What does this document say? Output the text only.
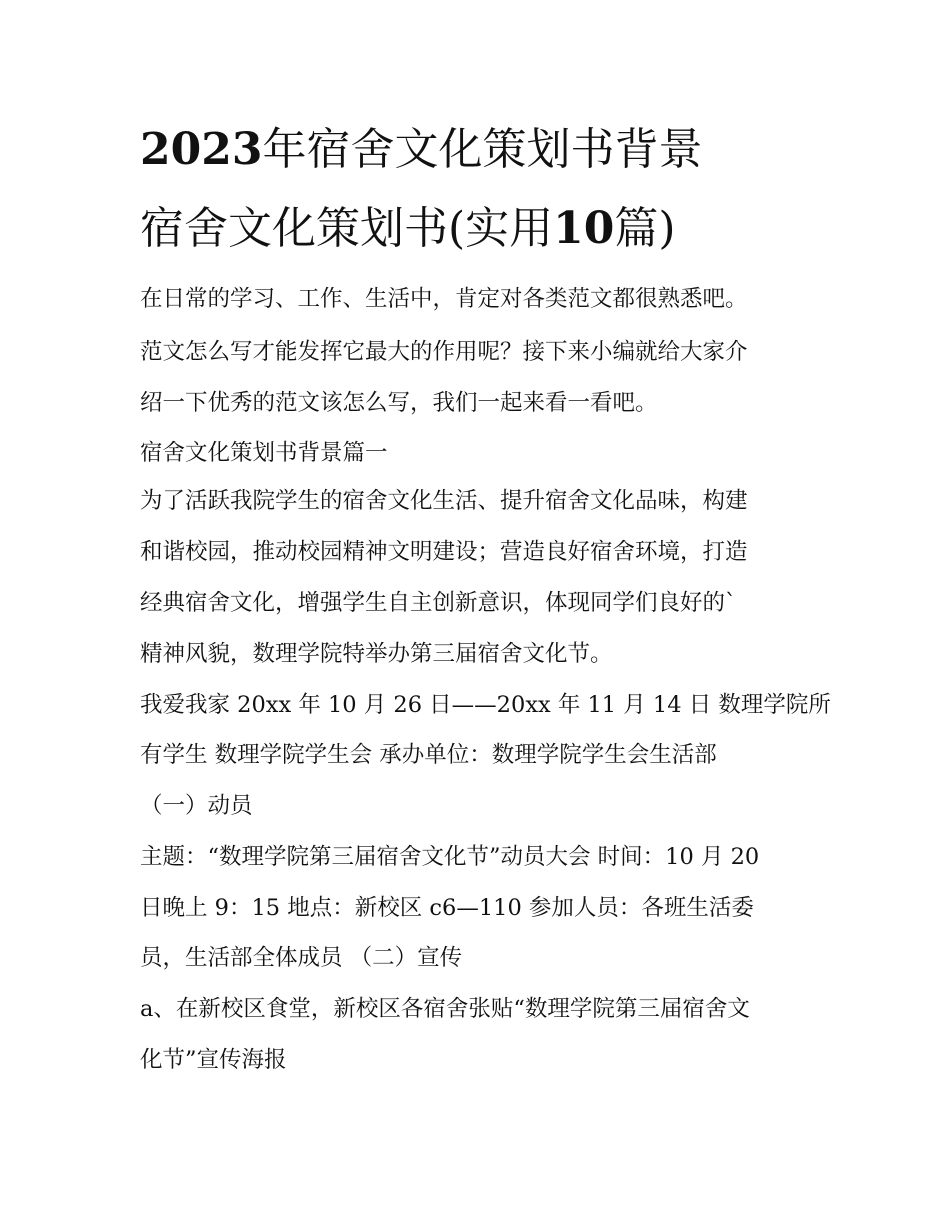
2023年宿舍文化策划书背景
宿舍文化策划书(实用10篇)
在日常的学习、工作、生活中，肯定对各类范文都很熟悉吧。
范文怎么写才能发挥它最大的作用呢？接下来小编就给大家介
绍一下优秀的范文该怎么写，我们一起来看一看吧。
宿舍文化策划书背景篇一
为了活跃我院学生的宿舍文化生活、提升宿舍文化品味，构建
和谐校园，推动校园精神文明建设；营造良好宿舍环境，打造
经典宿舍文化，增强学生自主创新意识，体现同学们良好的`
精神风貌，数理学院特举办第三届宿舍文化节。
我爱我家 20xx 年 10 月 26 日——20xx 年 11 月 14 日 数理学院所
有学生 数理学院学生会 承办单位：数理学院学生会生活部
（一）动员
主题：“数理学院第三届宿舍文化节”动员大会 时间：10 月 20
日晚上 9：15 地点：新校区 c6—110 参加人员：各班生活委
员，生活部全体成员 （二）宣传
a、在新校区食堂，新校区各宿舍张贴“数理学院第三届宿舍文
化节”宣传海报
